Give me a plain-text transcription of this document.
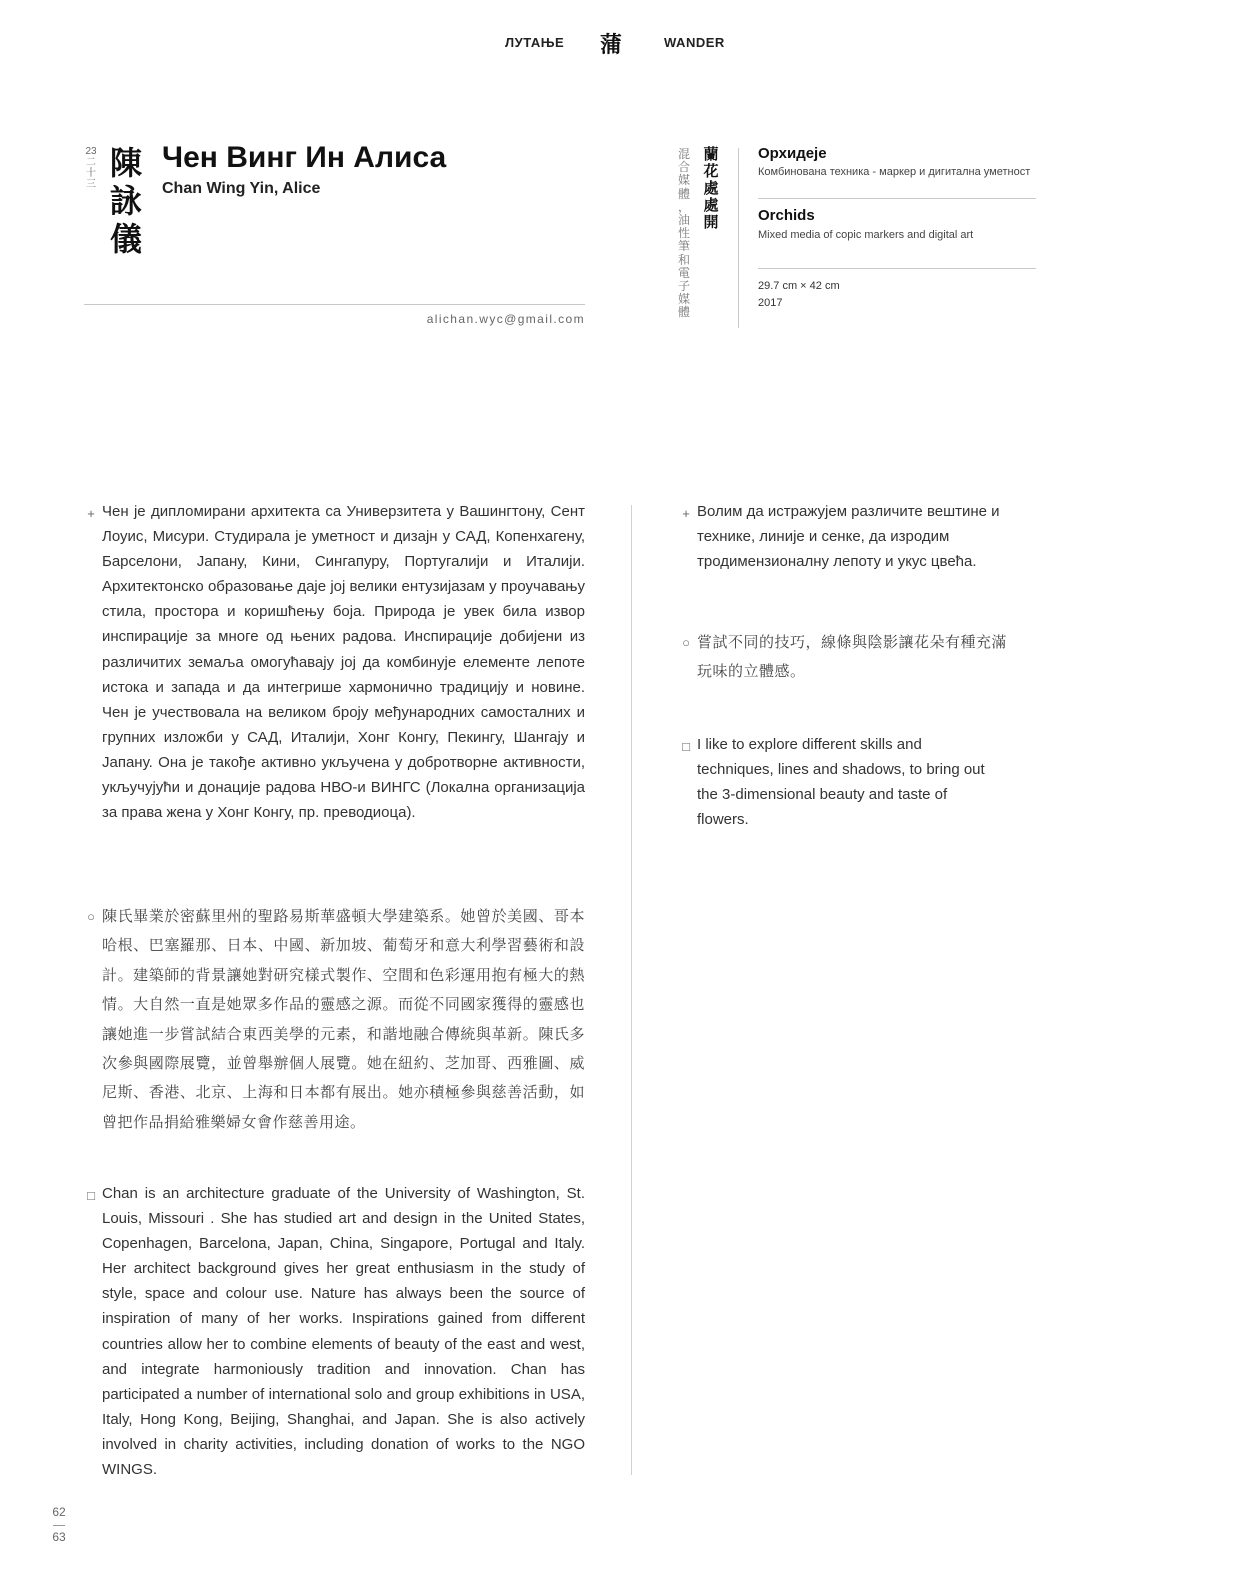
ЛУТАЊЕ 蒲	WANDER
23
二
十
三
陳
詠
儀
Чен Винг Ин Алиса
Chan Wing Yin, Alice
alichan.wyc@gmail.com
混
合
媒
體
，
油
性
筆
和
電
子
媒
體
蘭
花
處
處
開
Орхидеје
Комбинована техника - маркер и дигитална уметност
Orchids
Mixed media of copic markers and digital art
29.7 cm × 42 cm
2017
+ Чен је дипломирани архитекта са Универзитета у Вашингтону, Сент Лоуис, Мисури. Студирала је уметност и дизајн у САД, Копенхагену, Барселони, Јапану, Кини, Сингапуру, Португалији и Италији. Архитектонско образовање даје јој велики ентузијазам у проучавању стила, простора и коришћењу боја. Природа је увек била извор инспирације за многе од њених радова. Инспирације добијени из различитих земаља омогућавају јој да комбинује елементе лепоте истока и запада и да интегрише хармонично традицију и новине. Чен је учествовала на великом броју међународних самосталних и групних изложби у САД, Италији, Хонг Конгу, Пекингу, Шангају и Јапану. Она је такође активно укључена у добротворне активности, укључујући и донације радова НВО-и ВИНГС (Локална организација за права жена у Хонг Конгу, пр. преводиоца).
○ 陳氏畢業於密蘇里州的聖路易斯華盛頓大學建築系。她曾於美國、哥本哈根、巴塞羅那、日本、中國、新加坡、葡萄牙和意大利學習藝術和設計。建築師的背景讓她對研究樣式製作、空間和色彩運用抱有極大的熱情。大自然一直是她眾多作品的靈感之源。而從不同國家獲得的靈感也讓她進一步嘗試結合東西美學的元素，和諧地融合傳統與革新。陳氏多次參與國際展覽，並曾舉辦個人展覽。她在紐約、芝加哥、西雅圖、威尼斯、香港、北京、上海和日本都有展出。她亦積極參與慈善活動，如曾把作品捐給雅樂婦女會作慈善用途。
□ Chan is an architecture graduate of the University of Washington, St. Louis, Missouri . She has studied art and design in the United States, Copenhagen, Barcelona, Japan, China, Singapore, Portugal and Italy. Her architect background gives her great enthusiasm in the study of style, space and colour use. Nature has always been the source of inspiration of many of her works. Inspirations gained from different countries allow her to combine elements of beauty of the east and west, and integrate harmoniously tradition and innovation. Chan has participated a number of international solo and group exhibitions in USA, Italy, Hong Kong, Beijing, Shanghai, and Japan. She is also actively involved in charity activities, including donation of works to the NGO WINGS.
+ Волим да истражујем различите вештине и технике, линије и сенке, да изродим тродимензионалну лепоту и укус цвећа.
○ 嘗試不同的技巧，線條與陰影讓花朵有種充滿玩味的立體感。
□ I like to explore different skills and techniques, lines and shadows, to bring out the 3-dimensional beauty and taste of flowers.
62
63
